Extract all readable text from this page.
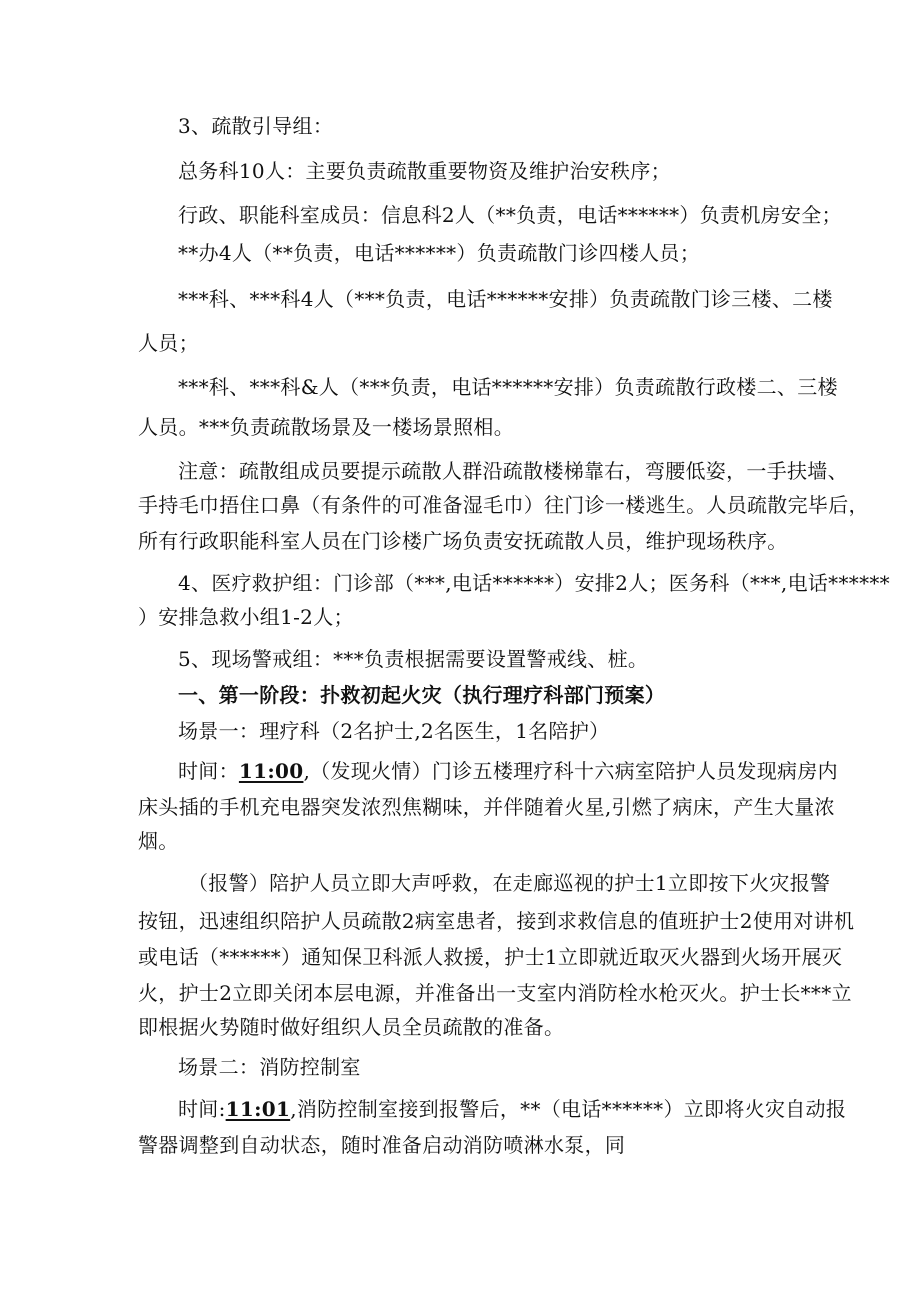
3、疏散引导组：
总务科10人：主要负责疏散重要物资及维护治安秩序；
行政、职能科室成员：信息科2人（**负责，电话******）负责机房安全；
**办4人（**负责，电话******）负责疏散门诊四楼人员；
***科、***科4人（***负责，电话******安排）负责疏散门诊三楼、二楼
人员；
***科、***科&人（***负责，电话******安排）负责疏散行政楼二、三楼
人员。***负责疏散场景及一楼场景照相。
注意：疏散组成员要提示疏散人群沿疏散楼梯靠右，弯腰低姿，一手扶墙、
手持毛巾捂住口鼻（有条件的可准备湿毛巾）往门诊一楼逃生。人员疏散完毕后，
所有行政职能科室人员在门诊楼广场负责安抚疏散人员，维护现场秩序。
4、医疗救护组：门诊部（***,电话******）安排2人；医务科（***,电话******
）安排急救小组1-2人；
5、现场警戒组：***负责根据需要设置警戒线、桩。
一、第一阶段：扑救初起火灾（执行理疗科部门预案）
场景一：理疗科（2名护士,2名医生，1名陪护）
时间：11:00,（发现火情）门诊五楼理疗科十六病室陪护人员发现病房内
床头插的手机充电器突发浓烈焦糊味，并伴随着火星,引燃了病床，产生大量浓
烟。
（报警）陪护人员立即大声呼救，在走廊巡视的护士1立即按下火灾报警
按钮，迅速组织陪护人员疏散2病室患者，接到求救信息的值班护士2使用对讲机
或电话（******）通知保卫科派人救援，护士1立即就近取灭火器到火场开展灭
火，护士2立即关闭本层电源，并准备出一支室内消防栓水枪灭火。护士长***立
即根据火势随时做好组织人员全员疏散的准备。
场景二：消防控制室
时间:11:01,消防控制室接到报警后，**（电话******）立即将火灾自动报
警器调整到自动状态，随时准备启动消防喷淋水泵，同
